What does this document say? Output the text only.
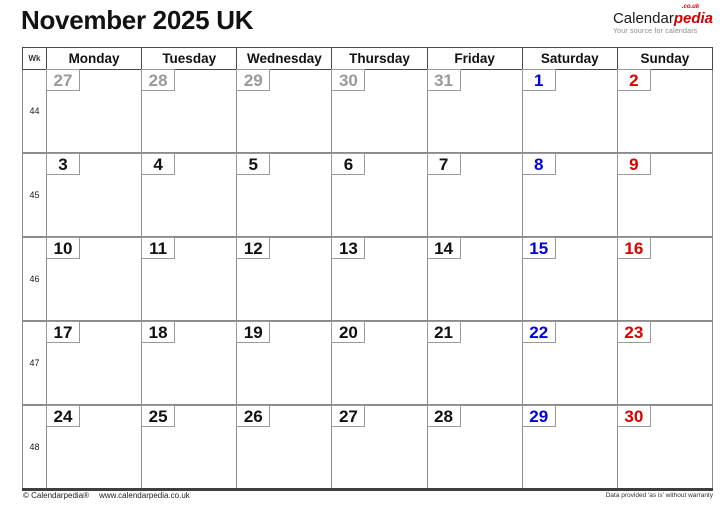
November 2025 UK	Calendarpedia
.co.uk
Your source for calendars
Wk	Monday	Tuesday	Wednesday	Thursday	Friday	Saturday	Sunday
44	27	28	29	30	31	1	2

45	3	4	5	6	7	8	9

46	10	11	12	13	14	15	16

47	17	18	19	20	21	22	23

48	24	25	26	27	28	29	30
© Calendarpedia® www.calendarpedia.co.uk	Data provided 'as is' without warranty
